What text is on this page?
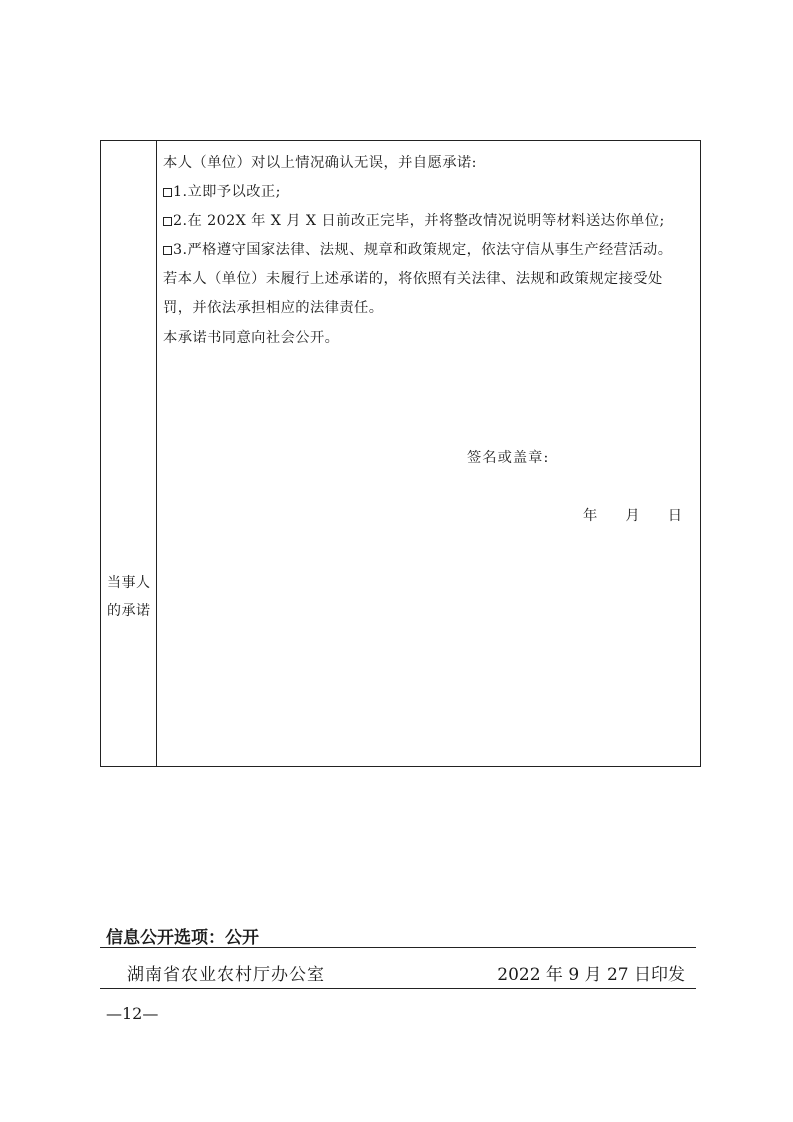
当事人
的承诺
本人（单位）对以上情况确认无误，并自愿承诺:
1.立即予以改正;
2.在 202X 年 X 月 X 日前改正完毕，并将整改情况说明等材料送达你单位;
3.严格遵守国家法律、法规、规章和政策规定，依法守信从事生产经营活动。
若本人（单位）未履行上述承诺的，将依照有关法律、法规和政策规定接受处
罚，并依法承担相应的法律责任。
本承诺书同意向社会公开。
签名或盖章:
年 月 日
信息公开选项：公开
湖南省农业农村厅办公室	2022 年 9 月 27 日印发
—12—
